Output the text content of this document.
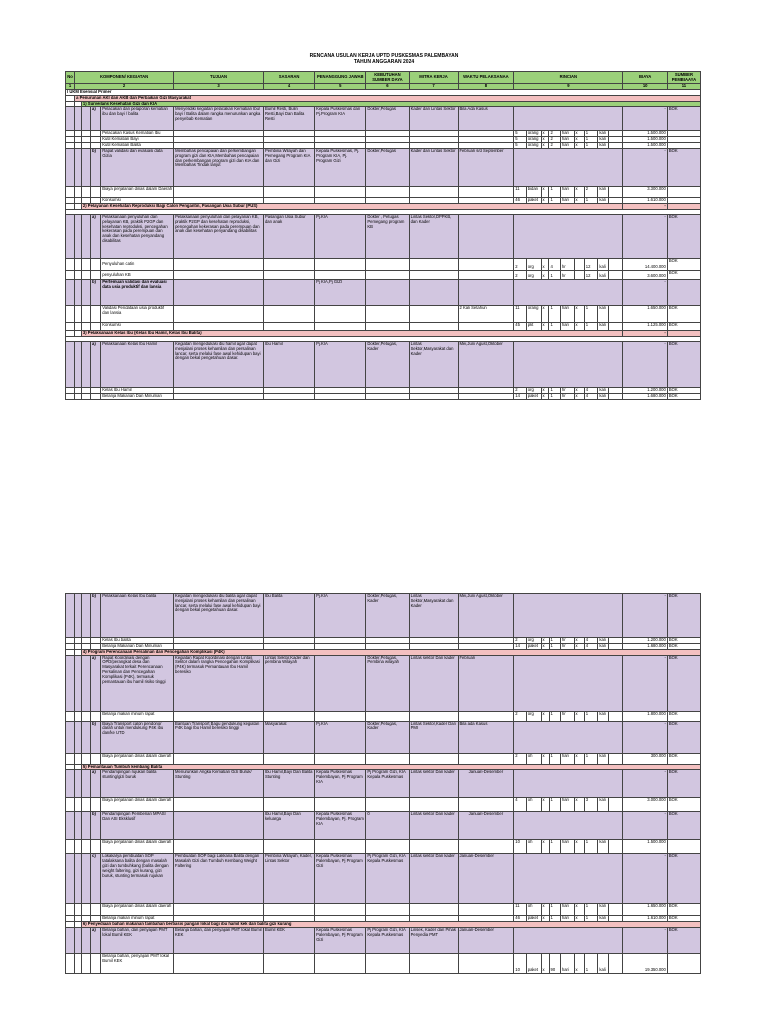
RENCANA USULAN KERJA UPTD PUSKESMAS PALEMBAYAN
TAHUN ANGGARAN 2024
No	KOMPONEN/ KEGIATAN				TUJUAN	SASARAN	PENANGGUNG JAWAB	KEBUTUHAN SUMBER DAYA	MITRA KERJA	WAKTU PELAKSANAA	RINCIAN									BIAYA	SUMBER PEMBIAAYA
1	2				3	4	5	6	7	8	9									10	11
I UKM Esensial Primer																					
	a Penurunan AKI dan AKB dan Perbaikan Gizi Masyarakat																				
		1) Surveilans Kesehatan Gizi dan KIA																			
			a)	Pelacakan dan pelaporan kematian ibu dan bayi / balita	Menyelidiki kegiatan pelacakan Kematian Ibu/ bayi / Balita dalam rangka menurunkan angka penyebab Kematian	Bumil Resti, Bulin Resti,Bayi Dan Balita Resti	Kepala Puskesmas dan Pj.Program KIA	Dokter,Petugas	Kader dan Lintas Sektor	Bila Ada Kasus										-	BOK
				Pelacakan Kasus Kematian Ibu							5	orang	x	2	hari	x	1	kali		1.500.000	
				Kutil Kematian Bayi							5	orang	x	2	hari	x	1	kali		1.500.000	
				Kutil Kematian Balita							5	orang	x	2	hari	x	1	kali		1.500.000	
			b)	Rapat validasi dan evaluasi data Gizia	Membahas pencapaian dan perkembangan program gizi dan KIA,Membahas pencapaian dan perkembangan program gizi dan KIA dan Membahas Tindak lanjut	Pembina Wilayah dan Pemegang Program KIA dan Gizi	Kepala Puskesmas, Pj. Program KIA, Pj. Program Gizi	Dokter,Petugas	Kader dan Lintas Sektor	Februari s/d September										-	BOK
				Biaya perjalanan dinas dalam Daerah							11	bidan	x	1	hari	x	2	kali		3.300.000	
				Konsumsi							46	paket	x	1	hari	x	1	kali		1.610.000	
		2) Pelayanan Kesehatan Reproduksi Bagi Calon Pengantin, Pasangan Usia Subur (PUS)																		-	

			a)	Pelaksanaan penyuluhan dan pelayanan KB, praktik P2GP dan kesehatan reproduksi, pencegahan kekerasan pada perempuan dan anak dan kesehatan penyandang disabilitas	Pelaksanaan penyuluhan dan pelayanan KB, praktik P2GP dan kesehatan reproduksi, pencegahan kekerasan pada perempuan dan anak dan kesehatan penyandang disabilitas	Pasangan Usia Subur dan anak	Pj.KIA	Dokter , Petugas Pemegang program KB	Lintas Sektor,DPPKB, dan Kader											-	BOK
				Penyuluhan catin							2	org	x	4	hr		12	kali		14.400.000	BOK
				penyuluhan KB							2	org	x	1	hr		12	kali		3.600.000	BOK
			b)	Pertemuan validasi dan evaluasi data usia produktif dan lansia			Pj KIA,Pj GIZI													-	
				Validasi Pendataan usia produktif dan lansia						2 Kali Setahun	11	orang	x	1	hari	x	1	kali		1.650.000	BOK
				Konsumsi							45	pkt	x	1	hari	x	1	kali		1.125.000	BOK
		3) Pelaksanaan Kelas Ibu (Kelas Ibu Hamil, Kelas Ibu Balita)																		-	

			a)	Pelaksanaan Kelas Ibu Hamil	Kegiatan mengedukasi ibu hamil agar dapat menjalani proses kehamilan dan persalinan lancar, serta melalui fase awal kehidupan bayi dengan bekal pengetahuan dasar.	Ibu Hamil	Pj.KIA	Dokter,Petugas, Kader	Lintas Sektor,Masyarakat dan Kader	Mei,Juni Agust,Oktober										-	BOK
				Kelas Ibu Hamil							2	org	x	1	hr	x	4	kali		1.200.000	BOK
				Belanja Makanan Dan Minuman							14	paket	x	1	hr	x	4	kali		1.680.000	BOK
			b)	Pelaksanaan Kelas Ibu balita	Kegiatan mengedukasi ibu balita agar dapat menjalani proses kehamilan dan persalinan lancar, serta melalui fase awal kehidupan bayi dengan bekal pengetahuan dasar.	Ibu Balita	Pj.KIA	Dokter,Petugas, Kader	Lintas Sektor,Masyarakat dan Kader	Mei,Juni Agust,Oktober										-	BOK
				Kelas Ibu balita							2	org	x	1	hr	x	4	kali		1.200.000	BOK
				Belanja Makanan Dan Minuman							14	paket	x	1	hr	x	4	kali		1.680.000	BOK
		4) Program Perencanaan Persalinan dan Pencegahan Komplikasi (P4K)																			
			a)	Rapat Koordinasi dengan OPD/perangkat desa dan Masyarakat terkait Perencanaan Persalinan dan Pencegahan Komplikasi (P4K), termasuk pemantauan ibu hamil risiko tinggi	Kegiatan Rapat Koordinasi dengan Lintas Sektor dalam rangka Pencegahan Komplikasi (P4K) termasuk Pemantauan Ibu Hamil beresiko	Lintas Sektor,Kader dan pembina Wilayah		Dokter,Petugas, Pembina wilayah	Lintas sektor Dan kader	Februari										-	BOK
				Belanja makan minum rapat							2	org	x	1	hr	x	1	kali		1.800.000	BOK
			b)	Biaya Transport calon pendonor darah untuk mendukung P4K ibu dan/ke UTD	Bantuan Transport Bagu pendukung kegiatan P4K bagi Ibu Hamil beresiko tinggi	Masyarakat	Pj.KIA	Dokter,Petugas, Kader	Lintas Sektor,Kader Dan PMI	Bila ada Kasus										-	BOK
				Biaya perjalanan dinas dalam daerah							2	oh	x	1	hari	x	1	kali		300.000	BOK
		5) Pemantauan Tumbuh kembang Balita																			
			a)	Pendampingan rujukan balita stunting/gizi buruk	Menurunkan Angka Kematian Gizi Buruk/ Stunting	Ibu Hamil,Bayi Dan Balita Stunting	Kepala Puskesmas Palembayan, Pj Program KIA	Pj Program Gizi, KIA Kepala Puskesmas	Lintas sektor Dan kader	Januari-Desember										-	BOK
				Biaya perjalanan dinas dalam daerah							4	oh	x	1	hari	x	3	kali		3.000.000	BOK
			b)	Pendampingan Pemberian MPASI Dan ASI Eksklusif		Ibu Hamil,Bayi Dan keluarga	Kepala Puskesmas Palembayan, Pj. Program KIA	0	Lintas sektor Dan kader	Januari-Desember										-	BOK
				Biaya perjalanan dinas dalam daerah							10	oh	x	1	hari	x	1	kali		1.500.000	
			c)	Lokakarya pembuatan SOP tatalaksana balita dengan masalah gizi dan tumbuhkang (balita dengan weight faltering, gizi kurang, gizi buruk, stunting termasuk rujukan	Pembuatan SOP bagi Lakkana Balita dengan Masalah Gizi dan Tumbuh Kembang Weight Faltering	Pembina Wilayah, Kader, Lintas Sektor	Kepala Puskesmas Palembayan, Pj Program Gizi	Pj Program Gizi, KIA Kepala Puskesmas	Lintas sektor Dan kader	Januari-Desember										-	BOK
				Biaya perjalanan dinas dalam daerah							11	oh	x	1	hari	x	1	kali		1.650.000	BOK
				Belanja makan minum rapat							46	paket	x	1	hari	x	1	kali		1.610.000	BOK
		6) Penyediaan bahan makanan tambahan berbasis pangan lokal bagi ibu hamil kek dan balita gizi kurang																			
			a)	Belanja bahan, dan penyajian PMT lokal Bumil KEK	Belanja bahan, dan penyajian PMT lokal Bumil KEK	Bumil KEK	Kepala Puskesmas Palembayan, Pj Program Gizi	Pj Program Gizi, KIA Kepala Puskesmas	Linsek, Kader dan Pihak Penyedia PMT	Januari-Desember										-	BOK
				Belanja bahan, penyajian PMT lokal Bumil KEK							10	paket	x	90	hari	x	1	kali		19.350.000	
